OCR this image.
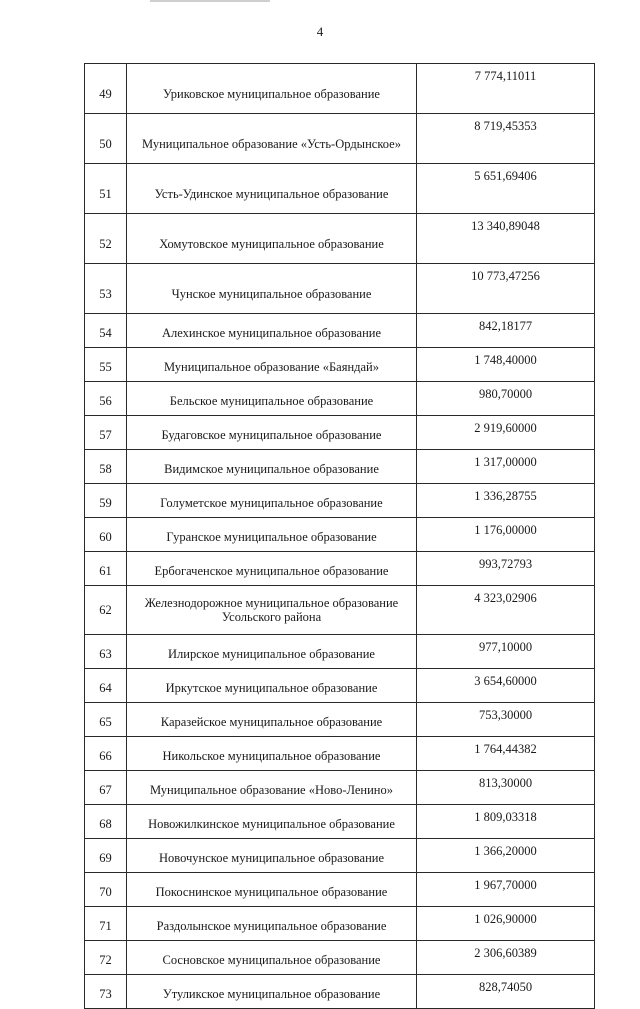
4
49	Уриковское муниципальное образование	7 774,11011
50	Муниципальное образование «Усть-Ордынское»	8 719,45353
51	Усть-Удинское муниципальное образование	5 651,69406
52	Хомутовское муниципальное образование	13 340,89048
53	Чунское муниципальное образование	10 773,47256
54	Алехинское муниципальное образование	842,18177
55	Муниципальное образование «Баяндай»	1 748,40000
56	Бельское муниципальное образование	980,70000
57	Будаговское муниципальное образование	2 919,60000
58	Видимское муниципальное образование	1 317,00000
59	Голуметское муниципальное образование	1 336,28755
60	Гуранское муниципальное образование	1 176,00000
61	Ербогаченское муниципальное образование	993,72793
62	Железнодорожное муниципальное образование Усольского района	4 323,02906
63	Илирское муниципальное образование	977,10000
64	Иркутское муниципальное образование	3 654,60000
65	Каразейское муниципальное образование	753,30000
66	Никольское муниципальное образование	1 764,44382
67	Муниципальное образование «Ново-Ленино»	813,30000
68	Новожилкинское муниципальное образование	1 809,03318
69	Новочунское муниципальное образование	1 366,20000
70	Покоснинское муниципальное образование	1 967,70000
71	Раздолынское муниципальное образование	1 026,90000
72	Сосновское муниципальное образование	2 306,60389
73	Утуликское муниципальное образование	828,74050
